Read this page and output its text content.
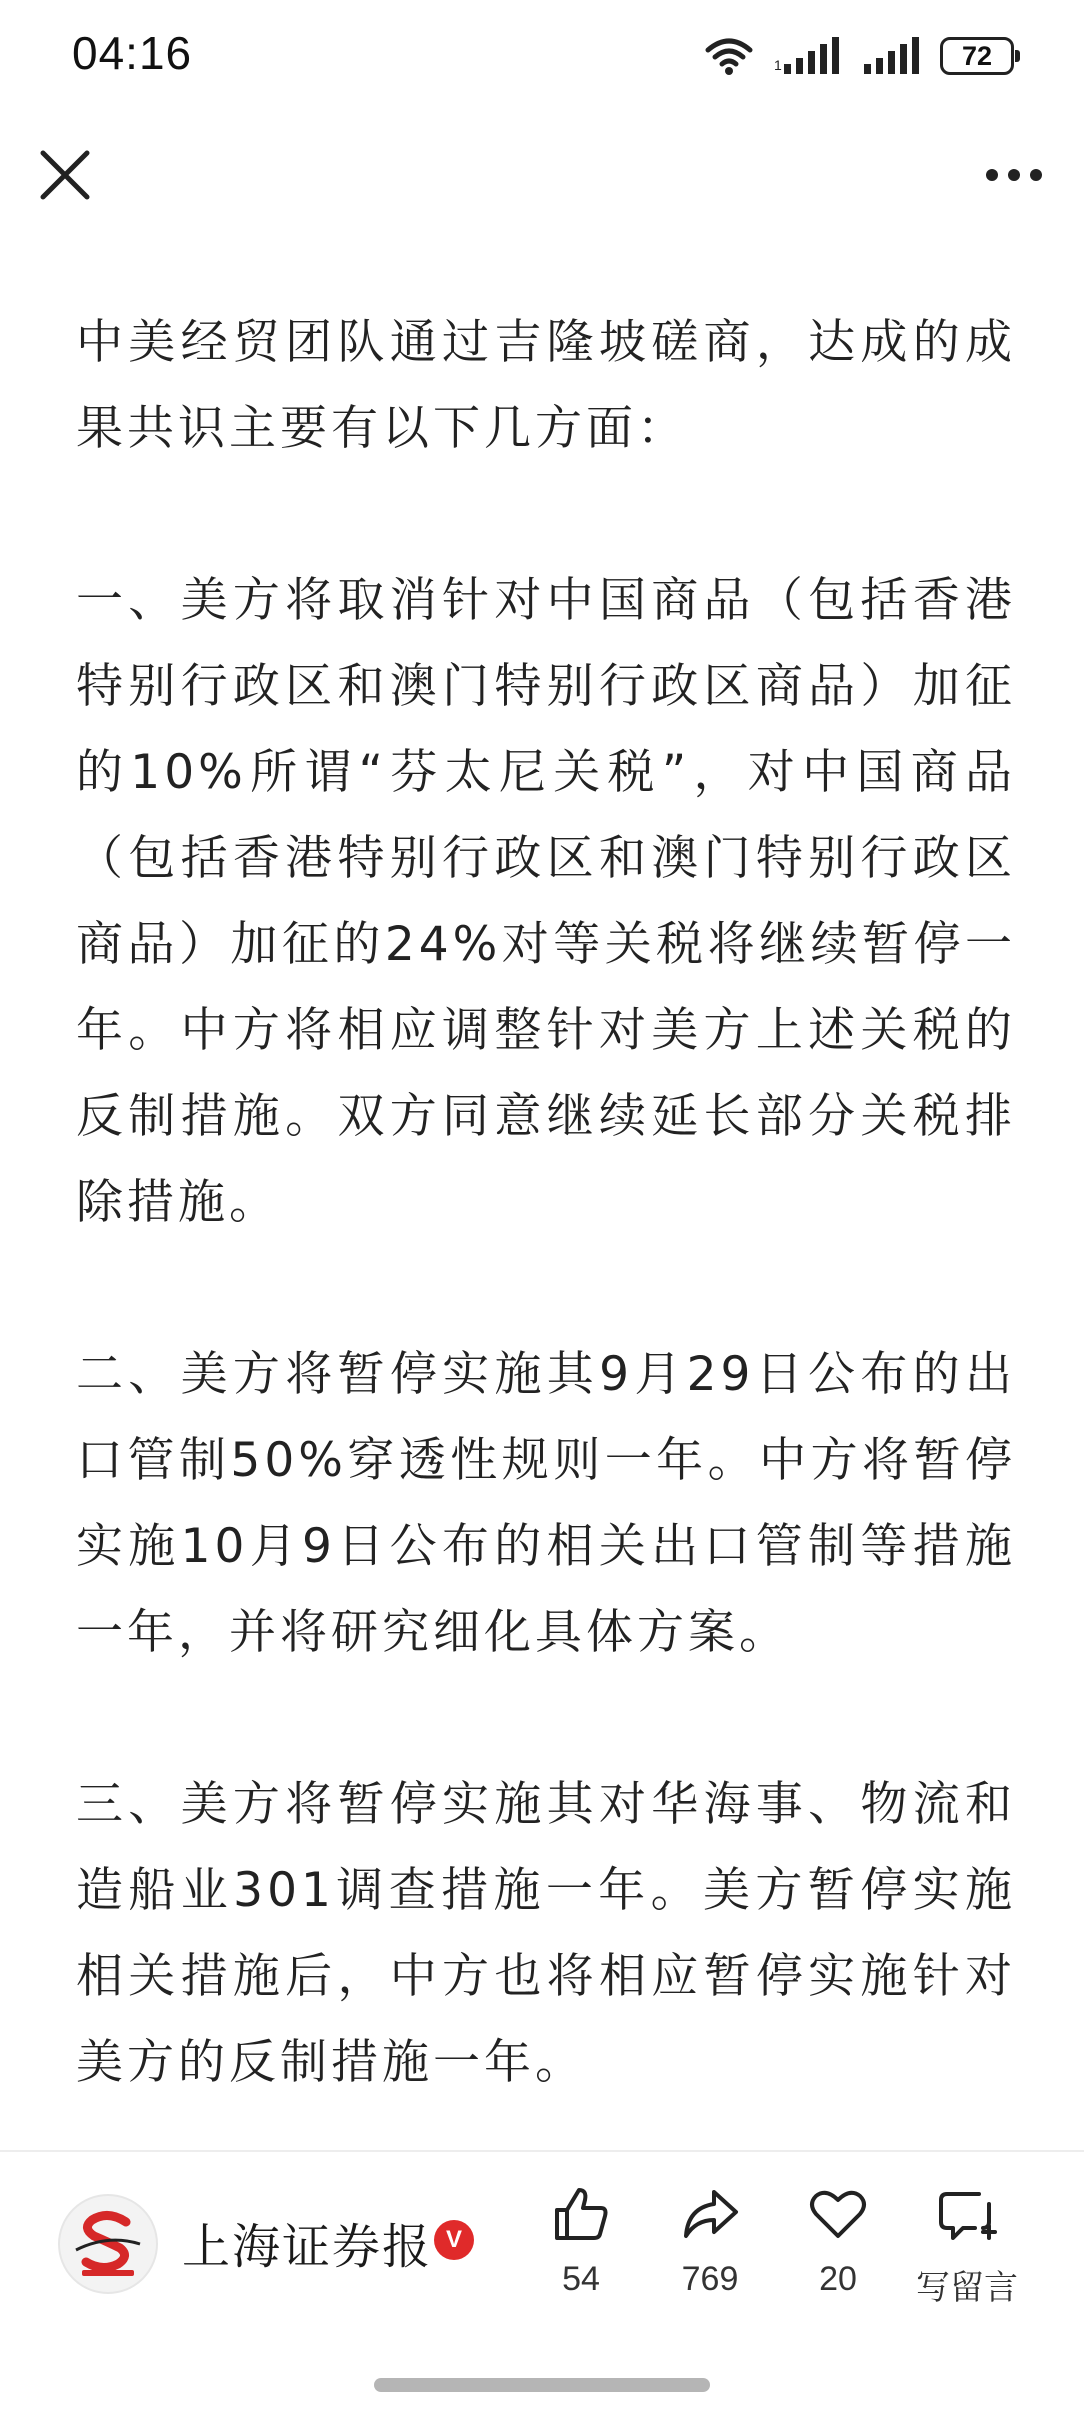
04:16	1	72

中美经贸团队通过吉隆坡磋商，达成的成果共识主要有以下几方面：

一、美方将取消针对中国商品（包括香港特别行政区和澳门特别行政区商品）加征的10%所谓“芬太尼关税”，对中国商品（包括香港特别行政区和澳门特别行政区商品）加征的24%对等关税将继续暂停一年。中方将相应调整针对美方上述关税的反制措施。双方同意继续延长部分关税排除措施。

二、美方将暂停实施其9月29日公布的出口管制50%穿透性规则一年。中方将暂停实施10月9日公布的相关出口管制等措施一年，并将研究细化具体方案。

三、美方将暂停实施其对华海事、物流和造船业301调查措施一年。美方暂停实施相关措施后，中方也将相应暂停实施针对美方的反制措施一年。

上海证券报 V
54 769 20 写留言
